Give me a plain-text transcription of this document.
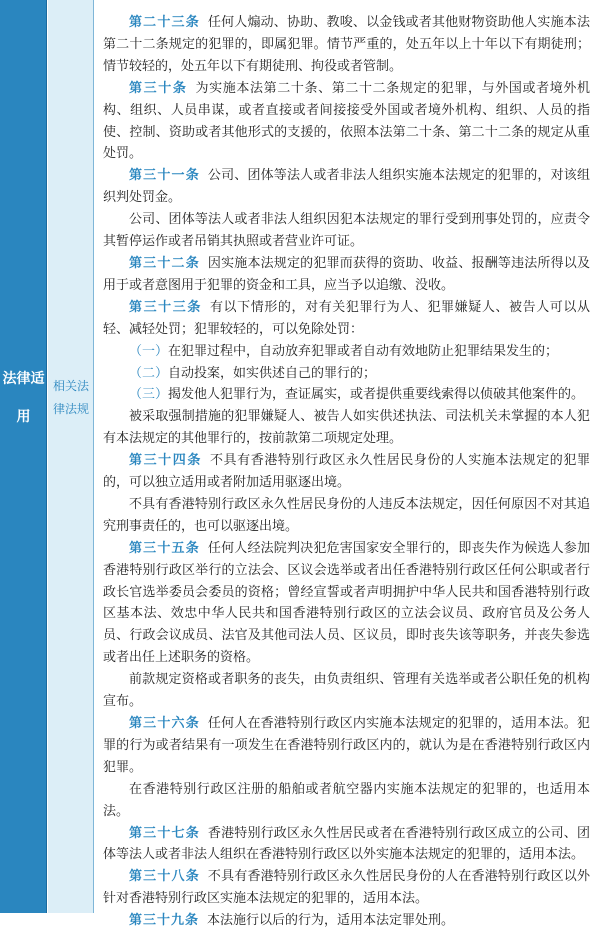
法律适用
相关法律法规

第二十三条 任何人煽动、协助、教唆、以金钱或者其他财物资助他人实施本法第二十二条规定的犯罪的，即属犯罪。情节严重的，处五年以上十年以下有期徒刑；情节较轻的，处五年以下有期徒刑、拘役或者管制。

第三十条 为实施本法第二十条、第二十二条规定的犯罪，与外国或者境外机构、组织、人员串谋，或者直接或者间接接受外国或者境外机构、组织、人员的指使、控制、资助或者其他形式的支援的，依照本法第二十条、第二十二条的规定从重处罚。

第三十一条 公司、团体等法人或者非法人组织实施本法规定的犯罪的，对该组织判处罚金。

公司、团体等法人或者非法人组织因犯本法规定的罪行受到刑事处罚的，应责令其暂停运作或者吊销其执照或者营业许可证。

第三十二条 因实施本法规定的犯罪而获得的资助、收益、报酬等违法所得以及用于或者意图用于犯罪的资金和工具，应当予以追缴、没收。

第三十三条 有以下情形的，对有关犯罪行为人、犯罪嫌疑人、被告人可以从轻、减轻处罚；犯罪较轻的，可以免除处罚：

（一）在犯罪过程中，自动放弃犯罪或者自动有效地防止犯罪结果发生的；

（二）自动投案，如实供述自己的罪行的；

（三）揭发他人犯罪行为，查证属实，或者提供重要线索得以侦破其他案件的。

被采取强制措施的犯罪嫌疑人、被告人如实供述执法、司法机关未掌握的本人犯有本法规定的其他罪行的，按前款第二项规定处理。

第三十四条 不具有香港特别行政区永久性居民身份的人实施本法规定的犯罪的，可以独立适用或者附加适用驱逐出境。

不具有香港特别行政区永久性居民身份的人违反本法规定，因任何原因不对其追究刑事责任的，也可以驱逐出境。

第三十五条 任何人经法院判决犯危害国家安全罪行的，即丧失作为候选人参加香港特别行政区举行的立法会、区议会选举或者出任香港特别行政区任何公职或者行政长官选举委员会委员的资格；曾经宣誓或者声明拥护中华人民共和国香港特别行政区基本法、效忠中华人民共和国香港特别行政区的立法会议员、政府官员及公务人员、行政会议成员、法官及其他司法人员、区议员，即时丧失该等职务，并丧失参选或者出任上述职务的资格。

前款规定资格或者职务的丧失，由负责组织、管理有关选举或者公职任免的机构宣布。

第三十六条 任何人在香港特别行政区内实施本法规定的犯罪的，适用本法。犯罪的行为或者结果有一项发生在香港特别行政区内的，就认为是在香港特别行政区内犯罪。

在香港特别行政区注册的船舶或者航空器内实施本法规定的犯罪的，也适用本法。

第三十七条 香港特别行政区永久性居民或者在香港特别行政区成立的公司、团体等法人或者非法人组织在香港特别行政区以外实施本法规定的犯罪的，适用本法。

第三十八条 不具有香港特别行政区永久性居民身份的人在香港特别行政区以外针对香港特别行政区实施本法规定的犯罪的，适用本法。

第三十九条 本法施行以后的行为，适用本法定罪处刑。
